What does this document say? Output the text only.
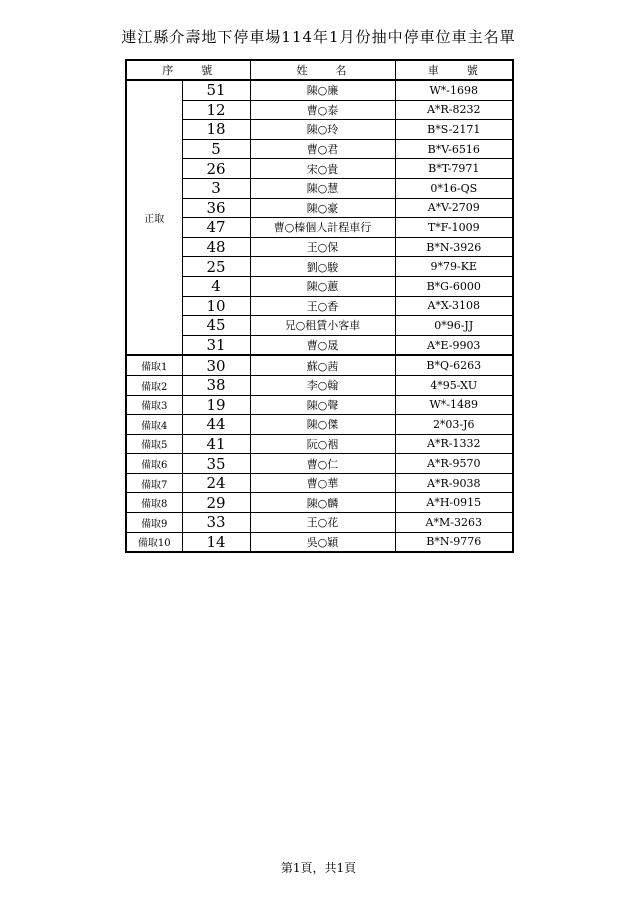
連江縣介壽地下停車場114年1月份抽中停車位車主名單
序　　號		姓　　名	車　　號
正取	51	陳○廉	W*-1698
	12	曹○泰	A*R-8232
	18	陳○玲	B*S-2171
	5	曹○君	B*V-6516
	26	宋○貴	B*T-7971
	3	陳○慧	0*16-QS
	36	陳○豪	A*V-2709
	47	曹○榛個人計程車行	T*F-1009
	48	王○保	B*N-3926
	25	劉○駿	9*79-KE
	4	陳○蕙	B*G-6000
	10	王○香	A*X-3108
	45	兄○租賃小客車	0*96-JJ
	31	曹○晟	A*E-9903
備取1	30	蘇○茜	B*Q-6263
備取2	38	李○翰	4*95-XU
備取3	19	陳○聲	W*-1489
備取4	44	陳○傑	2*03-J6
備取5	41	阮○裀	A*R-1332
備取6	35	曹○仁	A*R-9570
備取7	24	曹○華	A*R-9038
備取8	29	陳○麟	A*H-0915
備取9	33	王○花	A*M-3263
備取10	14	吳○穎	B*N-9776
第1頁，共1頁
